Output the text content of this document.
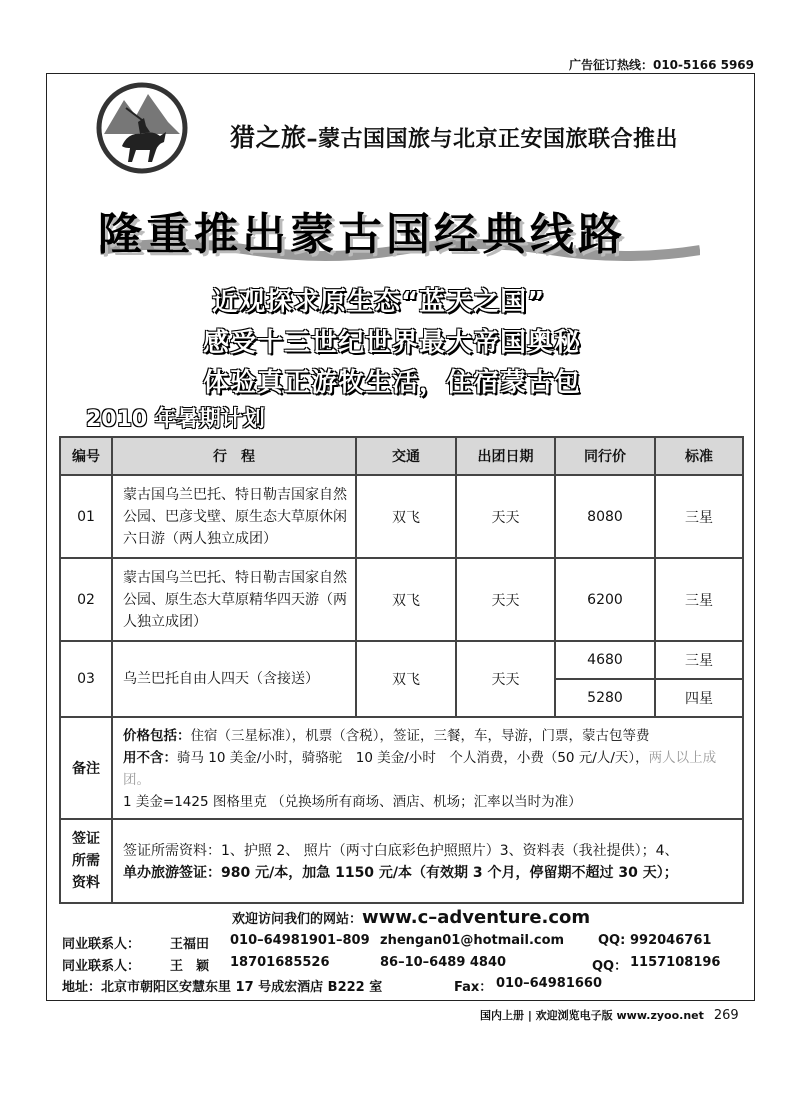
广告征订热线：010-5166 5969
猎之旅–蒙古国国旅与北京正安国旅联合推出
隆重推出蒙古国经典线路
近观探求原生态“蓝天之国”
感受十三世纪世界最大帝国奥秘
体验真正游牧生活，住宿蒙古包
2010 年暑期计划
编号	行　程	交通	出团日期	同行价	标准
01	蒙古国乌兰巴托、特日勒吉国家自然公园、巴彦戈壁、原生态大草原休闲六日游（两人独立成团）	双飞	天天	8080	三星
02	蒙古国乌兰巴托、特日勒吉国家自然公园、原生态大草原精华四天游（两人独立成团）	双飞	天天	6200	三星
03	乌兰巴托自由人四天（含接送）	双飞	天天	4680	三星
				5280	四星
备注	价格包括：住宿（三星标准），机票（含税），签证，三餐，车，导游，门票，蒙古包等费
用不含：骑马 10 美金/小时，骑骆驼　10 美金/小时　个人消费，小费（50 元/人/天），两人以上成团。
1 美金=1425 图格里克 （兑换场所有商场、酒店、机场；汇率以当时为准）				
签证所需资料	签证所需资料：1、护照 2、 照片（两寸白底彩色护照照片）3、资料表（我社提供）；4、
单办旅游签证：980 元/本，加急 1150 元/本（有效期 3 个月，停留期不超过 30 天）；				
欢迎访问我们的网站：www.c–adventure.com
同业联系人： 王福田 010–64981901–809 zhengan01@hotmail.com	QQ: 992046761
同业联系人： 王　颖 18701685526	86–10–6489 4840	QQ： 1157108196
地址：北京市朝阳区安慧东里 17 号成宏酒店 B222 室	Fax： 010–64981660
国内上册 | 欢迎浏览电子版 www.zyoo.net 269
